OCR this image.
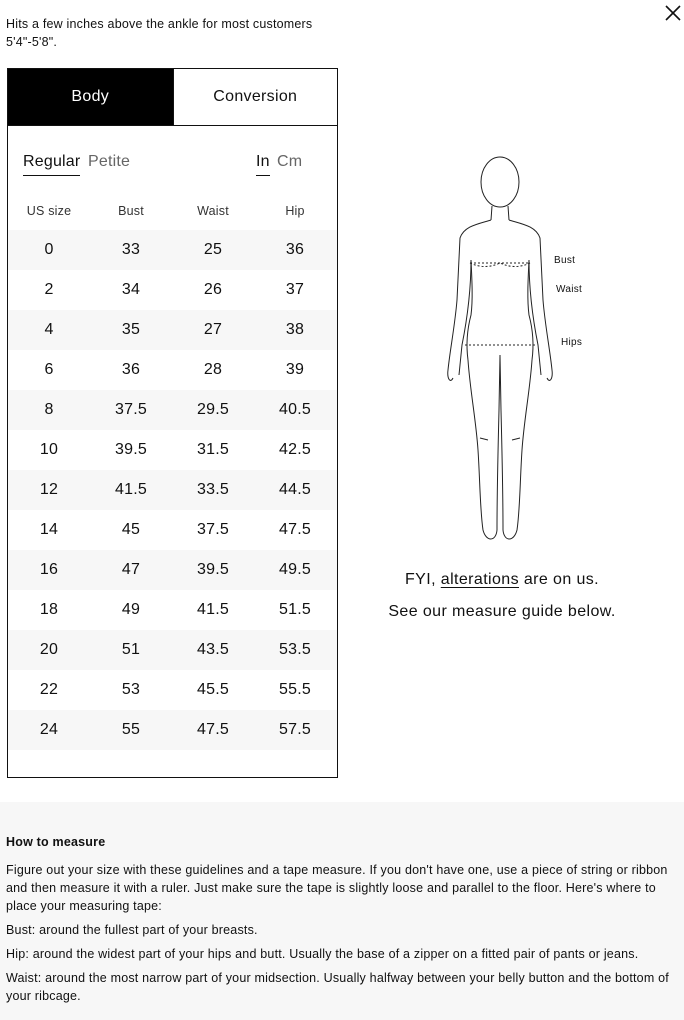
Hits a few inches above the ankle for most customers 5'4"-5'8".
Body	Conversion
Regular Petite	In Cm
US size	Bust	Waist	Hip
0	33	25	36
2	34	26	37
4	35	27	38
6	36	28	39
8	37.5	29.5	40.5
10	39.5	31.5	42.5
12	41.5	33.5	44.5
14	45	37.5	47.5
16	47	39.5	49.5
18	49	41.5	51.5
20	51	43.5	53.5
22	53	45.5	55.5
24	55	47.5	57.5
Bust
Waist
Hips
FYI, alterations are on us.
See our measure guide below.
How to measure

Figure out your size with these guidelines and a tape measure. If you don't have one, use a piece of string or ribbon and then measure it with a ruler. Just make sure the tape is slightly loose and parallel to the floor. Here's where to place your measuring tape:

Bust: around the fullest part of your breasts.

Hip: around the widest part of your hips and butt. Usually the base of a zipper on a fitted pair of pants or jeans.

Waist: around the most narrow part of your midsection. Usually halfway between your belly button and the bottom of your ribcage.
